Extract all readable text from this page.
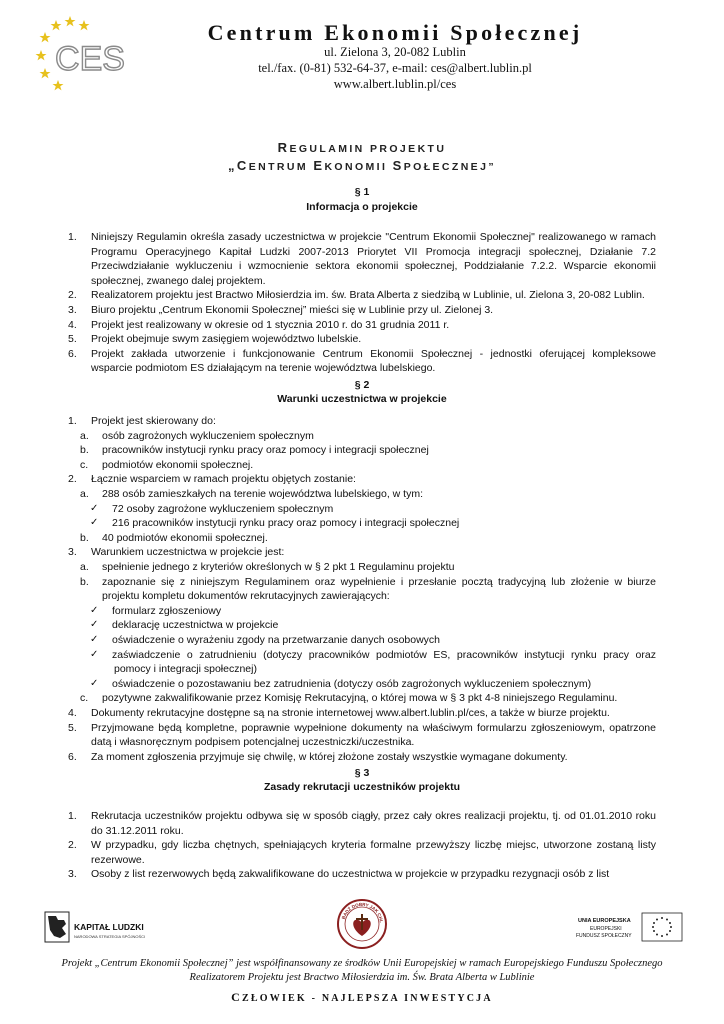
CES
Centrum Ekonomii Społecznej
ul. Zielona 3, 20-082 Lublin
tel./fax. (0-81) 532-64-37, e-mail: ces@albert.lublin.pl
www.albert.lublin.pl/ces
REGULAMIN PROJEKTU
„CENTRUM EKONOMII SPOŁECZNEJ”
§ 1
Informacja o projekcie
1. Niniejszy Regulamin określa zasady uczestnictwa w projekcie "Centrum Ekonomii Społecznej" realizowanego w ramach
Programu Operacyjnego Kapitał Ludzki 2007-2013 Priorytet VII Promocja integracji społecznej, Działanie 7.2
Przeciwdziałanie wykluczeniu i wzmocnienie sektora ekonomii społecznej, Poddziałanie 7.2.2. Wsparcie ekonomii
społecznej, zwanego dalej projektem.
2. Realizatorem projektu jest Bractwo Miłosierdzia im. św. Brata Alberta z siedzibą w Lublinie, ul. Zielona 3, 20-082 Lublin.
3. Biuro projektu „Centrum Ekonomii Społecznej” mieści się w Lublinie przy ul. Zielonej 3.
4. Projekt jest realizowany w okresie od 1 stycznia 2010 r. do 31 grudnia 2011 r.
5. Projekt obejmuje swym zasięgiem województwo lubelskie.
6. Projekt zakłada utworzenie i funkcjonowanie Centrum Ekonomii Społecznej - jednostki oferującej kompleksowe
wsparcie podmiotom ES działającym na terenie województwa lubelskiego.
§ 2
Warunki uczestnictwa w projekcie
1. Projekt jest skierowany do:
a. osób zagrożonych wykluczeniem społecznym
b. pracowników instytucji rynku pracy oraz pomocy i integracji społecznej
c. podmiotów ekonomii społecznej.
2. Łącznie wsparciem w ramach projektu objętych zostanie:
a. 288 osób zamieszkałych na terenie województwa lubelskiego, w tym:
✓ 72 osoby zagrożone wykluczeniem społecznym
✓ 216 pracowników instytucji rynku pracy oraz pomocy i integracji społecznej
b. 40 podmiotów ekonomii społecznej.
3. Warunkiem uczestnictwa w projekcie jest:
a. spełnienie jednego z kryteriów określonych w § 2 pkt 1 Regulaminu projektu
b. zapoznanie się z niniejszym Regulaminem oraz wypełnienie i przesłanie pocztą tradycyjną lub złożenie w biurze
projektu kompletu dokumentów rekrutacyjnych zawierających:
✓ formularz zgłoszeniowy
✓ deklarację uczestnictwa w projekcie
✓ oświadczenie o wyrażeniu zgody na przetwarzanie danych osobowych
✓ zaświadczenie o zatrudnieniu (dotyczy pracowników podmiotów ES, pracowników instytucji rynku pracy oraz
pomocy i integracji społecznej)
✓ oświadczenie o pozostawaniu bez zatrudnienia (dotyczy osób zagrożonych wykluczeniem społecznym)
c. pozytywne zakwalifikowanie przez Komisję Rekrutacyjną, o której mowa w § 3 pkt 4-8 niniejszego Regulaminu.
4. Dokumenty rekrutacyjne dostępne są na stronie internetowej www.albert.lublin.pl/ces, a także w biurze projektu.
5. Przyjmowane będą kompletne, poprawnie wypełnione dokumenty na właściwym formularzu zgłoszeniowym, opatrzone
datą i własnoręcznym podpisem potencjalnej uczestniczki/uczestnika.
6. Za moment zgłoszenia przyjmuje się chwilę, w której złożone zostały wszystkie wymagane dokumenty.
§ 3
Zasady rekrutacji uczestników projektu
1. Rekrutacja uczestników projektu odbywa się w sposób ciągły, przez cały okres realizacji projektu, tj. od 01.01.2010 roku
do 31.12.2011 roku.
2. W przypadku, gdy liczba chętnych, spełniających kryteria formalne przewyższy liczbę miejsc, utworzone zostaną listy
rezerwowe.
3. Osoby z list rezerwowych będą zakwalifikowane do uczestnictwa w projekcie w przypadku rezygnacji osób z list
KAPITAŁ LUDZKI
NARODOWA STRATEGIA SPÓJNOŚCI
BĄDŹ DOBRY JAK CHL	UNIA EUROPEJSKA
EUROPEJSKI
FUNDUSZ SPOŁECZNY
Projekt „Centrum Ekonomii Społecznej” jest współfinansowany ze środków Unii Europejskiej w ramach Europejskiego Funduszu Społecznego
Realizatorem Projektu jest Bractwo Miłosierdzia im. Św. Brata Alberta w Lublinie
CZŁOWIEK - NAJLEPSZA INWESTYCJA
